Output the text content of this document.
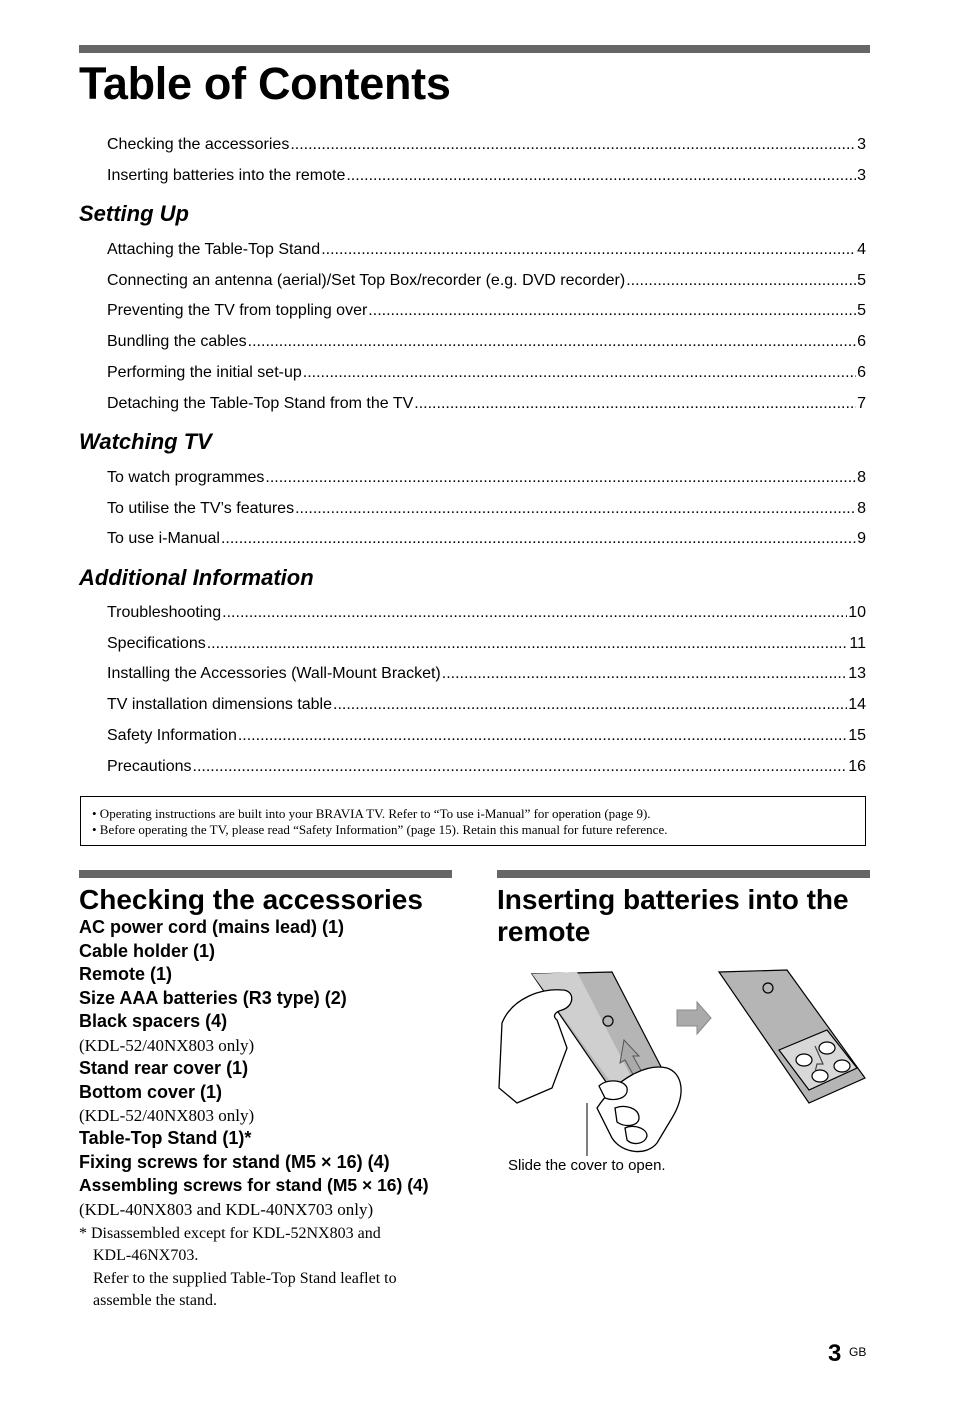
Table of Contents
Checking the accessories .....	3
Inserting batteries into the remote .....	3
Setting Up
Attaching the Table-Top Stand .....	4
Connecting an antenna (aerial)/Set Top Box/recorder (e.g. DVD recorder) .....	5
Preventing the TV from toppling over .....	5
Bundling the cables .....	6
Performing the initial set-up .....	6
Detaching the Table-Top Stand from the TV .....	7
Watching TV
To watch programmes .....	8
To utilise the TV’s features .....	8
To use i-Manual .....	9
Additional Information
Troubleshooting .....	10
Specifications .....	11
Installing the Accessories (Wall-Mount Bracket) .....	13
TV installation dimensions table .....	14
Safety Information .....	15
Precautions .....	16
• Operating instructions are built into your BRAVIA TV. Refer to “To use i-Manual” for operation (page 9).
• Before operating the TV, please read “Safety Information” (page 15). Retain this manual for future reference.
Checking the accessories
AC power cord (mains lead) (1)
Cable holder (1)
Remote (1)
Size AAA batteries (R3 type) (2)
Black spacers (4)
(KDL-52/40NX803 only)
Stand rear cover (1)
Bottom cover (1)
(KDL-52/40NX803 only)
Table-Top Stand (1)*
Fixing screws for stand (M5 × 16) (4)
Assembling screws for stand (M5 × 16) (4)
(KDL-40NX803 and KDL-40NX703 only)
* Disassembled except for KDL-52NX803 and
KDL-46NX703.
Refer to the supplied Table-Top Stand leaflet to
assemble the stand.
Inserting batteries into the
remote
Slide the cover to open.
3 GB
